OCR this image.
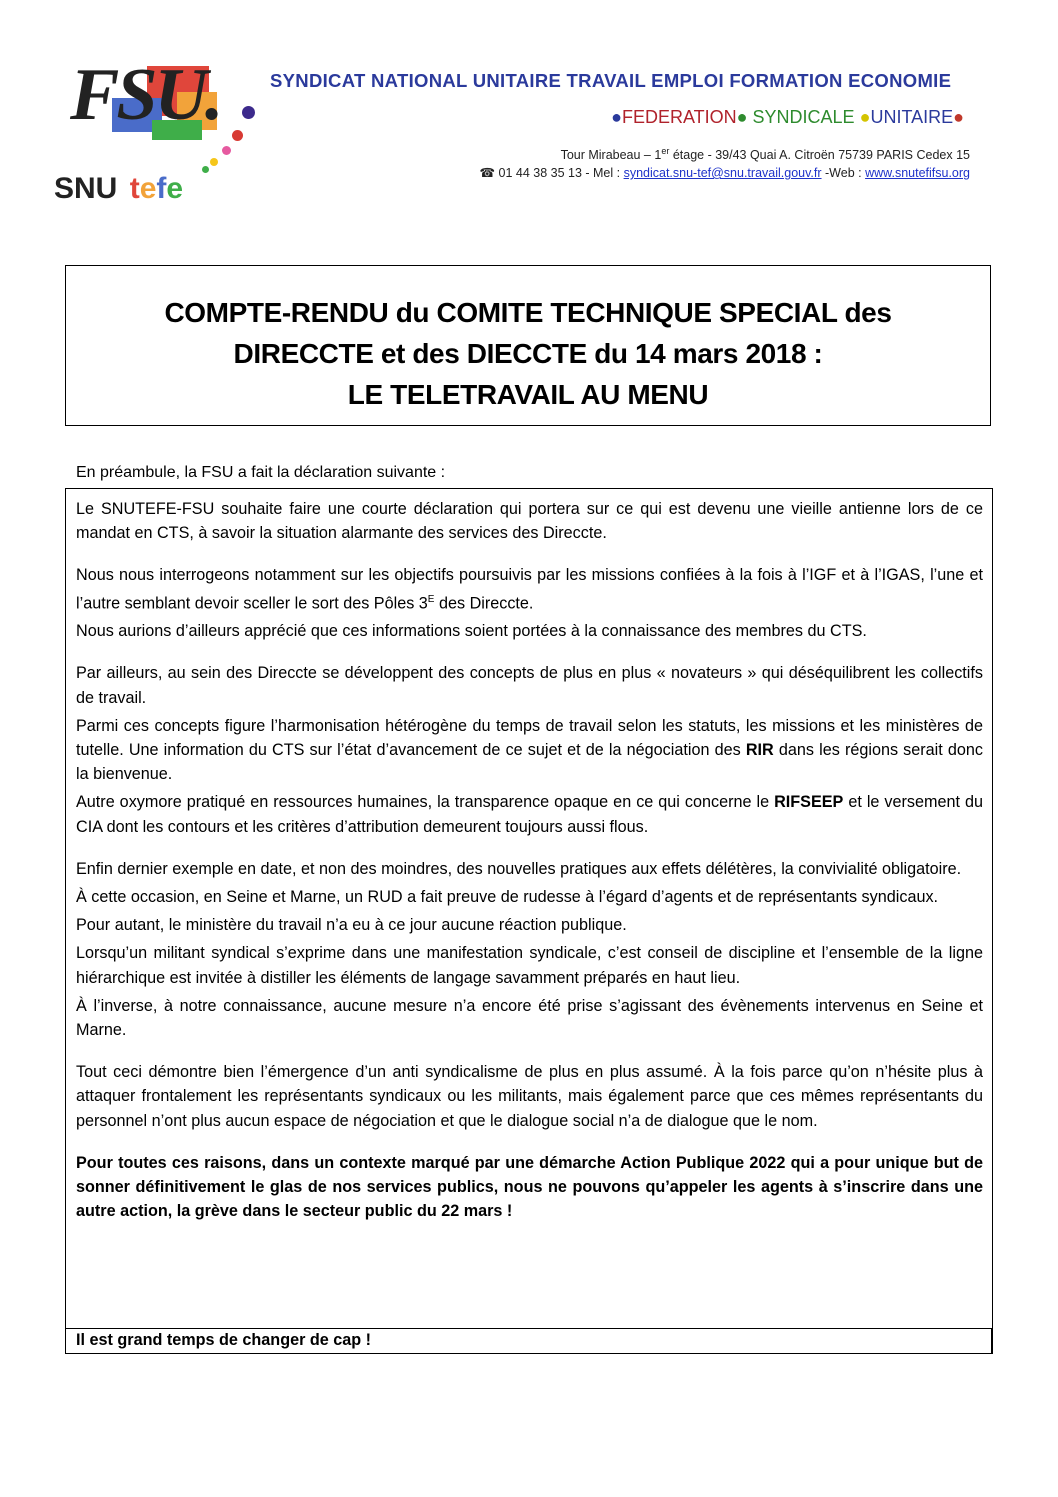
FSU.
SNU tefe
SYNDICAT NATIONAL UNITAIRE TRAVAIL EMPLOI FORMATION ECONOMIE
●FEDERATION● SYNDICALE ●UNITAIRE●
Tour Mirabeau – 1er étage - 39/43 Quai A. Citroën 75739 PARIS Cedex 15
☎ 01 44 38 35 13 - Mel : syndicat.snu-tef@snu.travail.gouv.fr -Web : www.snutefifsu.org
COMPTE-RENDU du COMITE TECHNIQUE SPECIAL des
DIRECCTE et des DIECCTE du 14 mars 2018 :
LE TELETRAVAIL AU MENU
En préambule, la FSU a fait la déclaration suivante :

Le SNUTEFE-FSU souhaite faire une courte déclaration qui portera sur ce qui est devenu une vieille antienne lors de ce mandat en CTS, à savoir la situation alarmante des services des Direccte.

Nous nous interrogeons notamment sur les objectifs poursuivis par les missions confiées à la fois à l’IGF et à l’IGAS, l’une et l’autre semblant devoir sceller le sort des Pôles $3^E$ des Direccte.

Nous aurions d’ailleurs apprécié que ces informations soient portées à la connaissance des membres du CTS.

Par ailleurs, au sein des Direccte se développent des concepts de plus en plus « novateurs » qui déséquilibrent les collectifs de travail.

Parmi ces concepts figure l’harmonisation hétérogène du temps de travail selon les statuts, les missions et les ministères de tutelle. Une information du CTS sur l’état d’avancement de ce sujet et de la négociation des RIR dans les régions serait donc la bienvenue.

Autre oxymore pratiqué en ressources humaines, la transparence opaque en ce qui concerne le RIFSEEP et le versement du CIA dont les contours et les critères d’attribution demeurent toujours aussi flous.

Enfin dernier exemple en date, et non des moindres, des nouvelles pratiques aux effets délétères, la convivialité obligatoire.

À cette occasion, en Seine et Marne, un RUD a fait preuve de rudesse à l’égard d’agents et de représentants syndicaux.

Pour autant, le ministère du travail n’a eu à ce jour aucune réaction publique.

Lorsqu’un militant syndical s’exprime dans une manifestation syndicale, c’est conseil de discipline et l’ensemble de la ligne hiérarchique est invitée à distiller les éléments de langage savamment préparés en haut lieu.

À l’inverse, à notre connaissance, aucune mesure n’a encore été prise s’agissant des évènements intervenus en Seine et Marne.

Tout ceci démontre bien l’émergence d’un anti syndicalisme de plus en plus assumé. À la fois parce qu’on n’hésite plus à attaquer frontalement les représentants syndicaux ou les militants, mais également parce que ces mêmes représentants du personnel n’ont plus aucun espace de négociation et que le dialogue social n’a de dialogue que le nom.

Pour toutes ces raisons, dans un contexte marqué par une démarche Action Publique 2022 qui a pour unique but de sonner définitivement le glas de nos services publics, nous ne pouvons qu’appeler les agents à s’inscrire dans une autre action, la grève dans le secteur public du 22 mars !

Il est grand temps de changer de cap !
